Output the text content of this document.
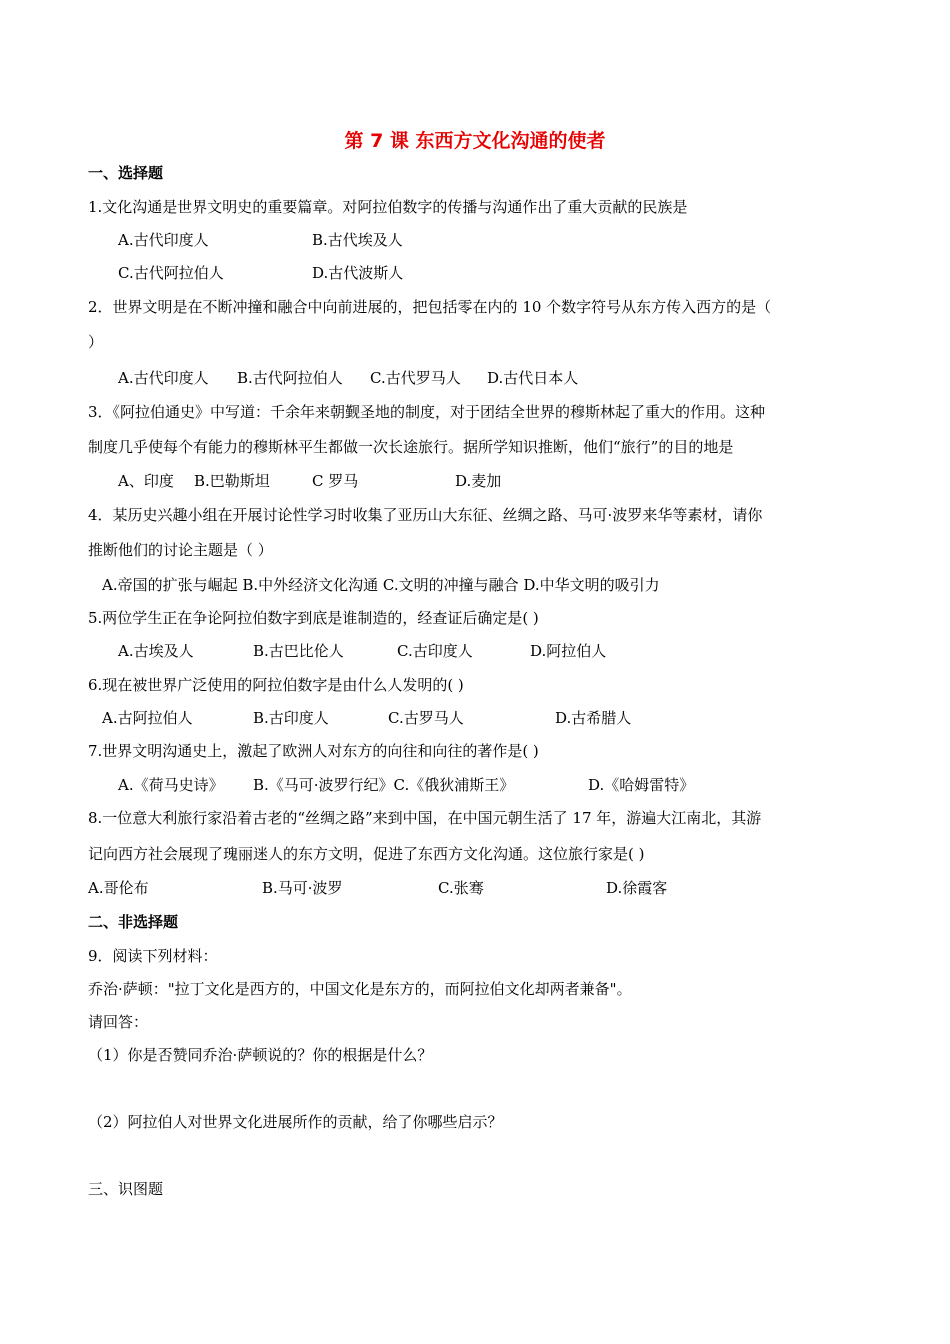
第 7 课 东西方文化沟通的使者
一、选择题
1.文化沟通是世界文明史的重要篇章。对阿拉伯数字的传播与沟通作出了重大贡献的民族是
A.古代印度人	B.古代埃及人
C.古代阿拉伯人	D.古代波斯人
2．世界文明是在不断冲撞和融合中向前进展的，把包括零在内的 10 个数字符号从东方传入西方的是（
）
A.古代印度人 B.古代阿拉伯人 C.古代罗马人 D.古代日本人
3．《阿拉伯通史》中写道：千余年来朝觐圣地的制度，对于团结全世界的穆斯林起了重大的作用。这种
制度几乎使每个有能力的穆斯林平生都做一次长途旅行。据所学知识推断，他们“旅行”的目的地是
A、印度 B.巴勒斯坦	C 罗马	D.麦加
4．某历史兴趣小组在开展讨论性学习时收集了亚历山大东征、丝绸之路、马可·波罗来华等素材，请你
推断他们的讨论主题是（ ）
A.帝国的扩张与崛起 B.中外经济文化沟通 C.文明的冲撞与融合 D.中华文明的吸引力
5.两位学生正在争论阿拉伯数字到底是谁制造的，经查证后确定是( )
A.古埃及人	B.古巴比伦人	C.古印度人	D.阿拉伯人
6.现在被世界广泛使用的阿拉伯数字是由什么人发明的( )
A.古阿拉伯人	B.古印度人	C.古罗马人	D.古希腊人
7.世界文明沟通史上，激起了欧洲人对东方的向往和向往的著作是( )
A.《荷马史诗》 B.《马可·波罗行纪》C.《俄狄浦斯王》	D.《哈姆雷特》
8.一位意大利旅行家沿着古老的“丝绸之路”来到中国，在中国元朝生活了 17 年，游遍大江南北，其游
记向西方社会展现了瑰丽迷人的东方文明，促进了东西方文化沟通。这位旅行家是( )
A.哥伦布	B.马可·波罗	C.张骞	D.徐霞客
二、非选择题
9．阅读下列材料：
乔治·萨顿："拉丁文化是西方的，中国文化是东方的，而阿拉伯文化却两者兼备"。
请回答：
（1）你是否赞同乔治·萨顿说的？你的根据是什么？
（2）阿拉伯人对世界文化进展所作的贡献，给了你哪些启示？
三、识图题
